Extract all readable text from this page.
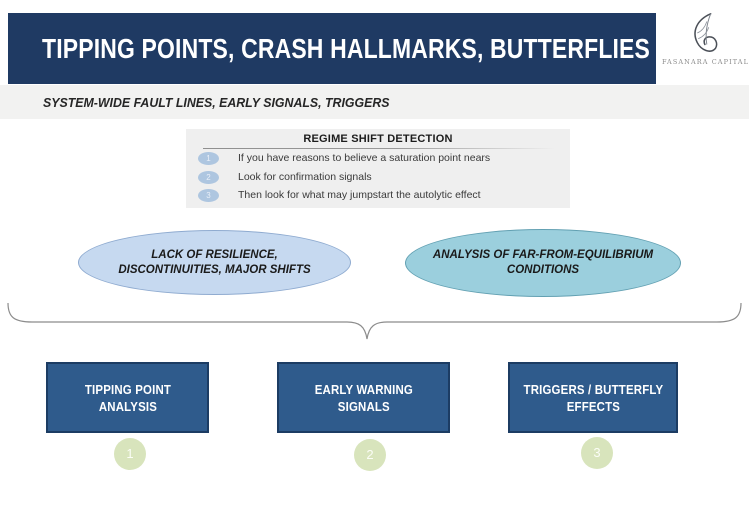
TIPPING POINTS, CRASH HALLMARKS, BUTTERFLIES FASANARA CAPITAL
SYSTEM-WIDE FAULT LINES, EARLY SIGNALS, TRIGGERS
REGIME SHIFT DETECTION
1	If you have reasons to believe a saturation point nears
2	Look for confirmation signals
3	Then look for what may jumpstart the autolytic effect
LACK OF RESILIENCE,
DISCONTINUITIES, MAJOR SHIFTS
ANALYSIS OF FAR-FROM-EQUILIBRIUM
CONDITIONS
TIPPING POINT
ANALYSIS
EARLY WARNING
SIGNALS
TRIGGERS / BUTTERFLY
EFFECTS
1	2	3
